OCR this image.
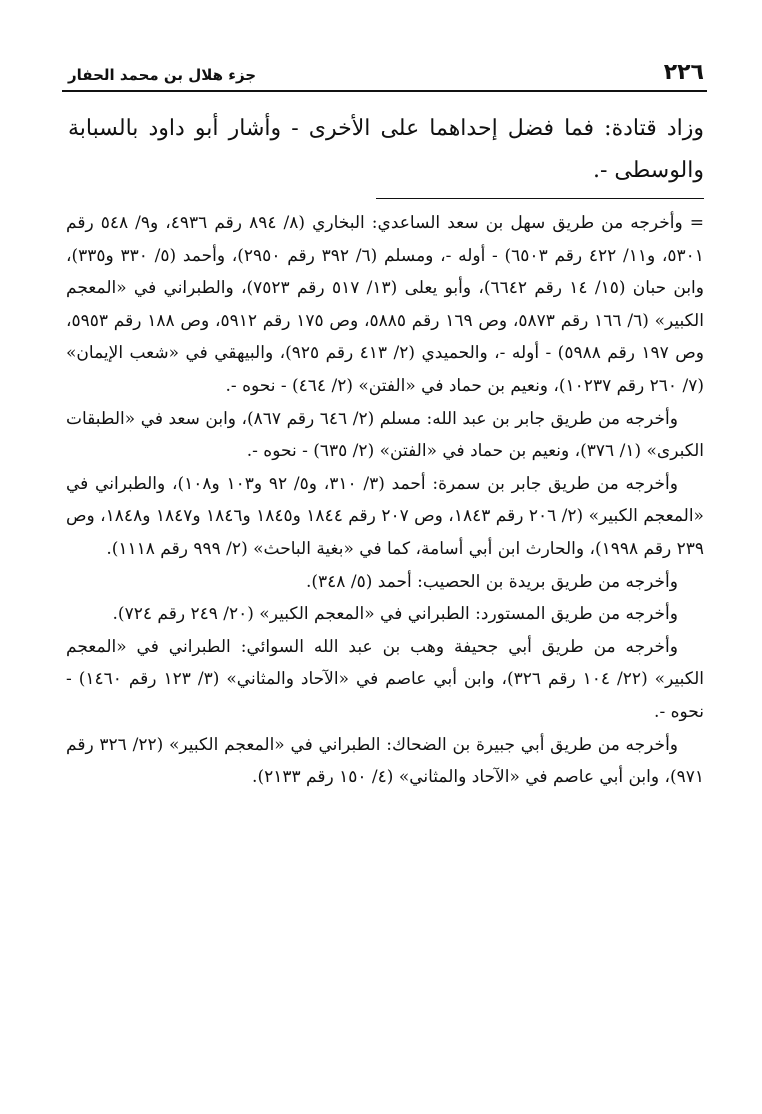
٢٢٦
جزء هلال بن محمد الحفار

وزاد قتادة: فما فضل إحداهما على الأخرى - وأشار أبو داود بالسبابة والوسطى -.

= وأخرجه من طريق سهل بن سعد الساعدي: البخاري (٨/ ٨٩٤ رقم ٤٩٣٦، و٩/ ٥٤٨ رقم ٥٣٠١، و١١/ ٤٢٢ رقم ٦٥٠٣) - أوله -، ومسلم (٦/ ٣٩٢ رقم ٢٩٥٠)، وأحمد (٥/ ٣٣٠ و٣٣٥)، وابن حبان (١٥/ ١٤ رقم ٦٦٤٢)، وأبو يعلى (١٣/ ٥١٧ رقم ٧٥٢٣)، والطبراني في «المعجم الكبير» (٦/ ١٦٦ رقم ٥٨٧٣، وص ١٦٩ رقم ٥٨٨٥، وص ١٧٥ رقم ٥٩١٢، وص ١٨٨ رقم ٥٩٥٣، وص ١٩٧ رقم ٥٩٨٨) - أوله -، والحميدي (٢/ ٤١٣ رقم ٩٢٥)، والبيهقي في «شعب الإيمان» (٧/ ٢٦٠ رقم ١٠٢٣٧)، ونعيم بن حماد في «الفتن» (٢/ ٤٦٤) - نحوه -.

وأخرجه من طريق جابر بن عبد الله: مسلم (٢/ ٦٤٦ رقم ٨٦٧)، وابن سعد في «الطبقات الكبرى» (١/ ٣٧٦)، ونعيم بن حماد في «الفتن» (٢/ ٦٣٥) - نحوه -.

وأخرجه من طريق جابر بن سمرة: أحمد (٣/ ٣١٠، و٥/ ٩٢ و١٠٣ و١٠٨)، والطبراني في «المعجم الكبير» (٢/ ٢٠٦ رقم ١٨٤٣، وص ٢٠٧ رقم ١٨٤٤ و١٨٤٥ و١٨٤٦ و١٨٤٧ و١٨٤٨، وص ٢٣٩ رقم ١٩٩٨)، والحارث ابن أبي أسامة، كما في «بغية الباحث» (٢/ ٩٩٩ رقم ١١١٨).

وأخرجه من طريق بريدة بن الحصيب: أحمد (٥/ ٣٤٨).

وأخرجه من طريق المستورد: الطبراني في «المعجم الكبير» (٢٠/ ٢٤٩ رقم ٧٢٤).

وأخرجه من طريق أبي جحيفة وهب بن عبد الله السوائي: الطبراني في «المعجم الكبير» (٢٢/ ١٠٤ رقم ٣٢٦)، وابن أبي عاصم في «الآحاد والمثاني» (٣/ ١٢٣ رقم ١٤٦٠) - نحوه -.

وأخرجه من طريق أبي جبيرة بن الضحاك: الطبراني في «المعجم الكبير» (٢٢/ ٣٢٦ رقم ٩٧١)، وابن أبي عاصم في «الآحاد والمثاني» (٤/ ١٥٠ رقم ٢١٣٣).
